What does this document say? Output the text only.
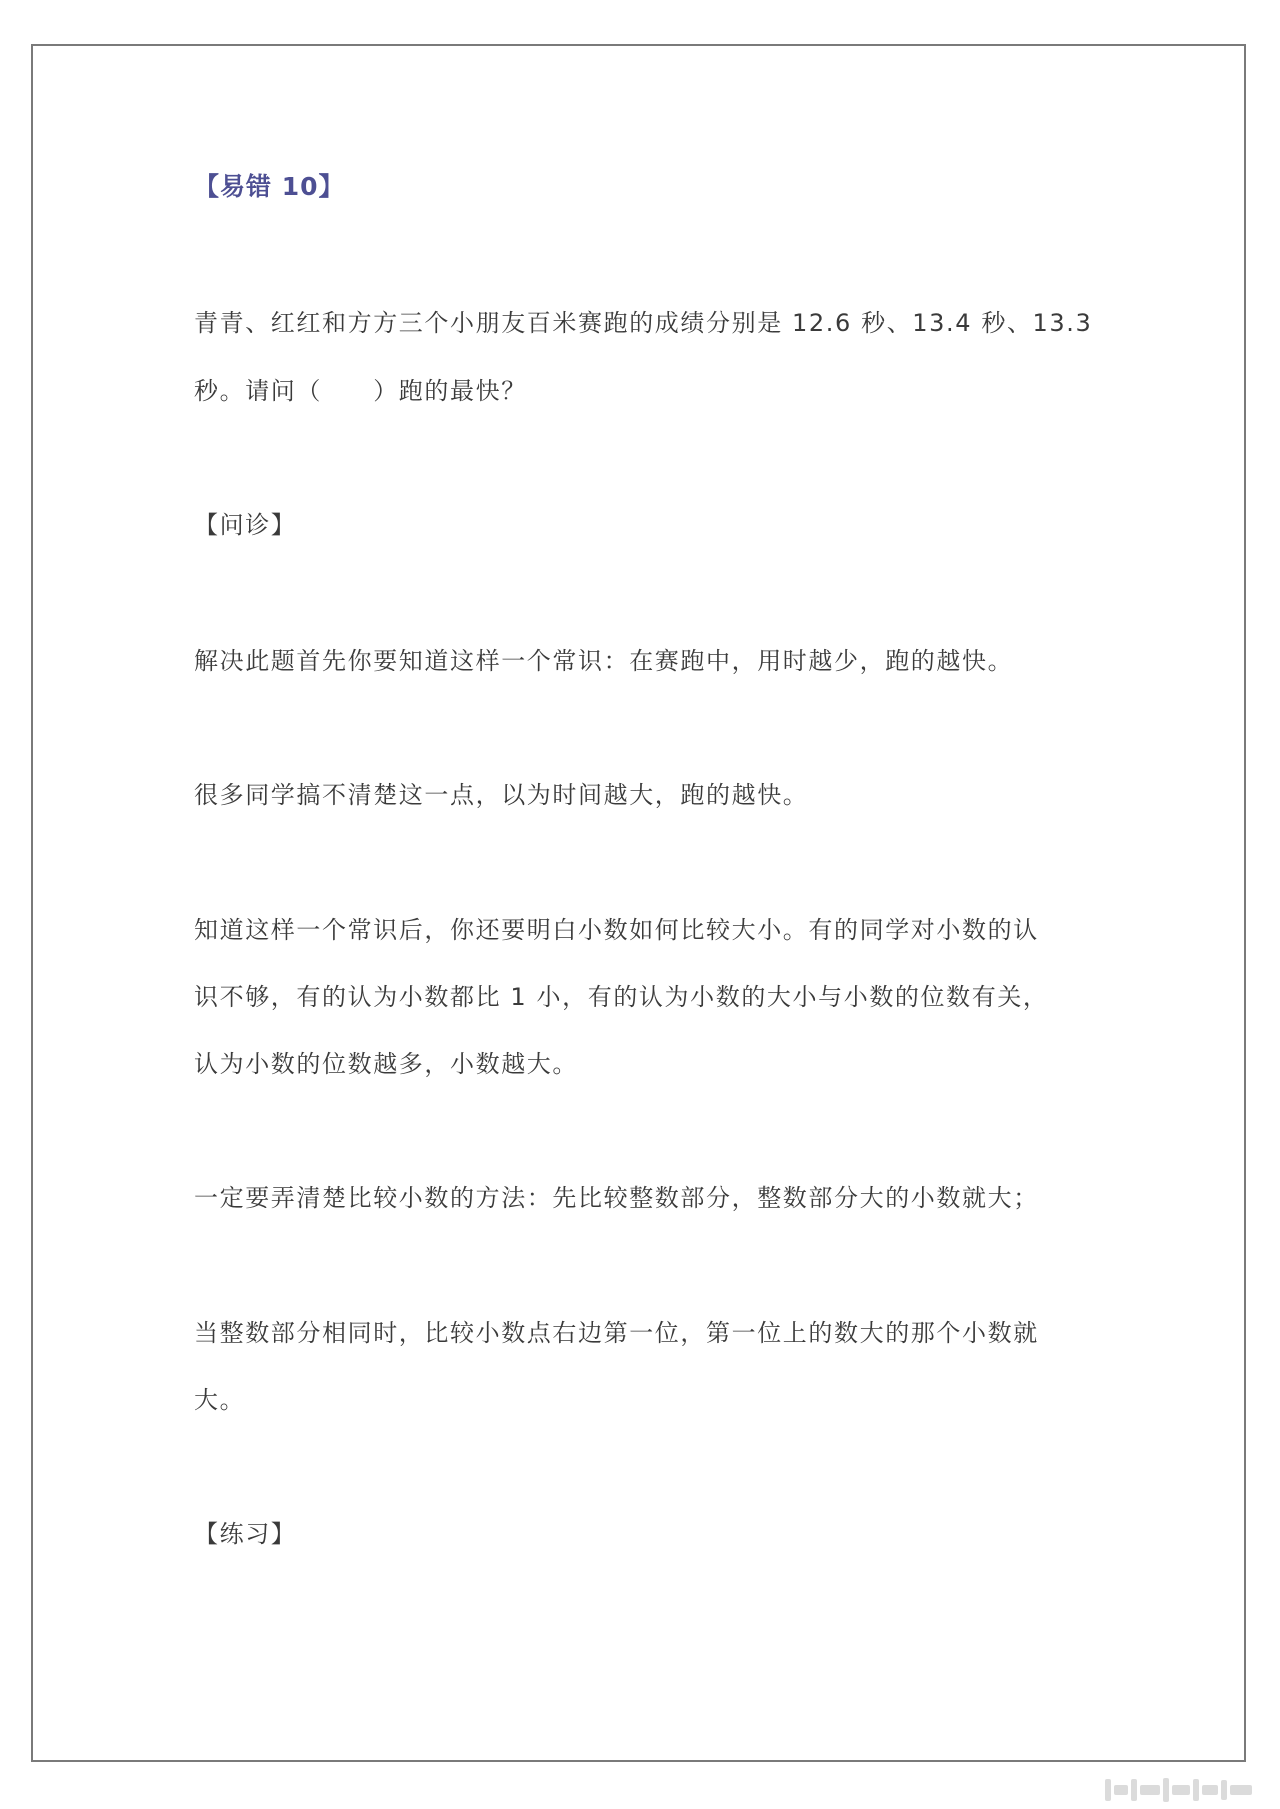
【易错 10】
青青、红红和方方三个小朋友百米赛跑的成绩分别是 12.6 秒、13.4 秒、13.3
秒。请问（　　）跑的最快？
【问诊】
解决此题首先你要知道这样一个常识：在赛跑中，用时越少，跑的越快。
很多同学搞不清楚这一点，以为时间越大，跑的越快。
知道这样一个常识后，你还要明白小数如何比较大小。有的同学对小数的认
识不够，有的认为小数都比 1 小，有的认为小数的大小与小数的位数有关，
认为小数的位数越多，小数越大。
一定要弄清楚比较小数的方法：先比较整数部分，整数部分大的小数就大；
当整数部分相同时，比较小数点右边第一位，第一位上的数大的那个小数就
大。
【练习】
